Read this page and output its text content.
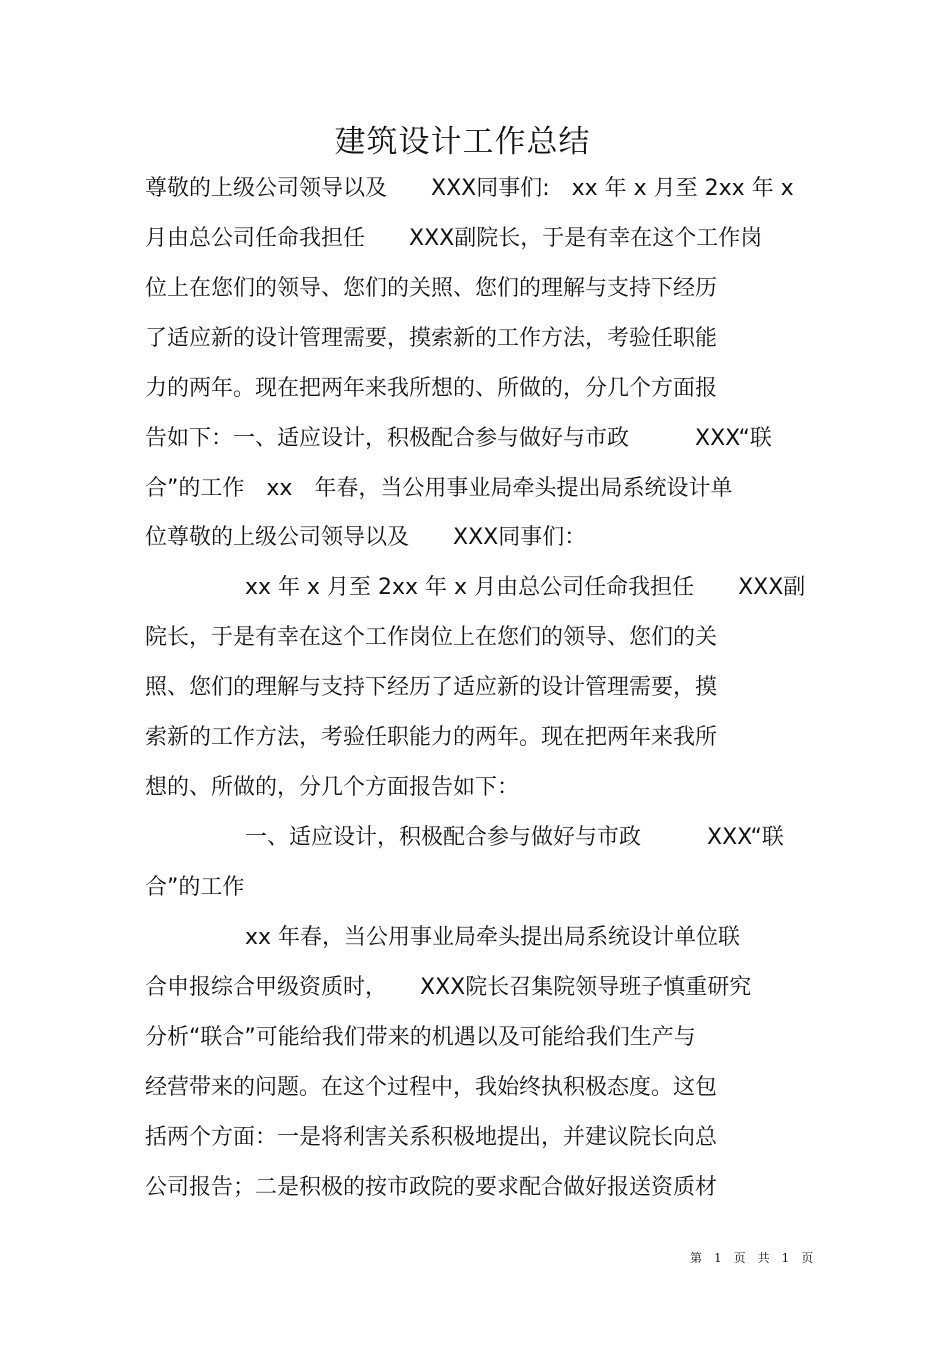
建筑设计工作总结
尊敬的上级公司领导以及　　XXX同事们:　xx 年 x 月至 2xx 年 x
月由总公司任命我担任　　XXX副院长，于是有幸在这个工作岗
位上在您们的领导、您们的关照、您们的理解与支持下经历
了适应新的设计管理需要，摸索新的工作方法，考验任职能
力的两年。现在把两年来我所想的、所做的，分几个方面报
告如下：一、适应设计，积极配合参与做好与市政　　　XXX“联
合”的工作　xx　年春，当公用事业局牵头提出局系统设计单
位尊敬的上级公司领导以及　　XXX同事们：
xx 年 x 月至 2xx 年 x 月由总公司任命我担任　　XXX副
院长，于是有幸在这个工作岗位上在您们的领导、您们的关
照、您们的理解与支持下经历了适应新的设计管理需要，摸
索新的工作方法，考验任职能力的两年。现在把两年来我所
想的、所做的，分几个方面报告如下：
一、适应设计，积极配合参与做好与市政　　　XXX“联
合”的工作
xx 年春，当公用事业局牵头提出局系统设计单位联
合申报综合甲级资质时，　　XXX院长召集院领导班子慎重研究
分析“联合”可能给我们带来的机遇以及可能给我们生产与
经营带来的问题。在这个过程中，我始终执积极态度。这包
括两个方面：一是将利害关系积极地提出，并建议院长向总
公司报告；二是积极的按市政院的要求配合做好报送资质材
第　1　页　共　1　页
